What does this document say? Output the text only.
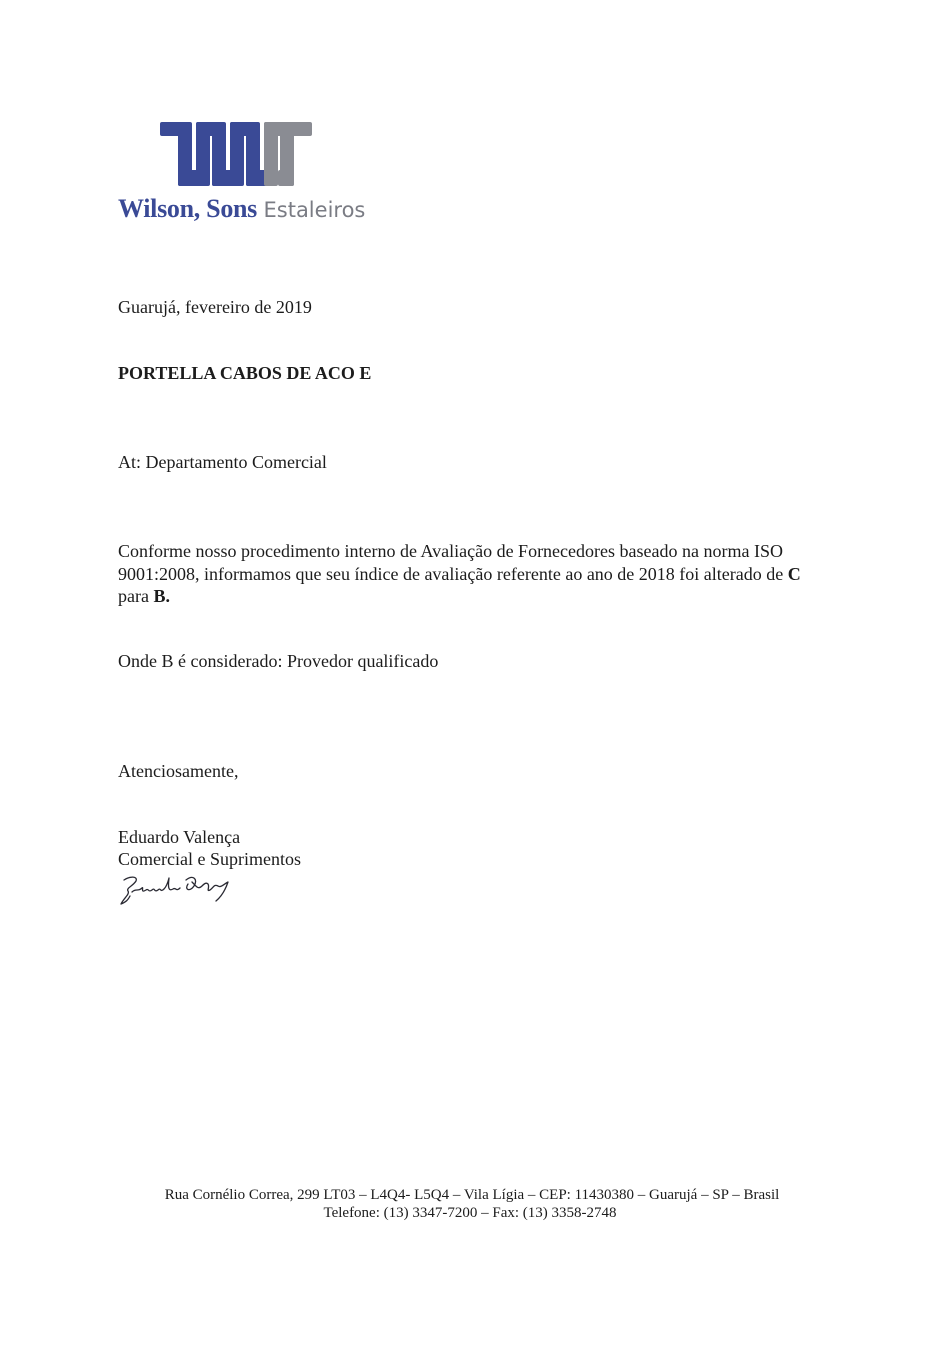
Wilson, Sons Estaleiros
Guarujá, fevereiro de 2019
PORTELLA CABOS DE ACO E
At: Departamento Comercial
Conforme nosso procedimento interno de Avaliação de Fornecedores baseado na norma ISO 9001:2008, informamos que seu índice de avaliação referente ao ano de 2018 foi alterado de C para B.
Onde B é considerado: Provedor qualificado
Atenciosamente,
Eduardo Valença
Comercial e Suprimentos
Rua Cornélio Correa, 299 LT03 – L4Q4- L5Q4 – Vila Lígia – CEP: 11430380 – Guarujá – SP – Brasil
Telefone: (13) 3347-7200 – Fax: (13) 3358-2748
